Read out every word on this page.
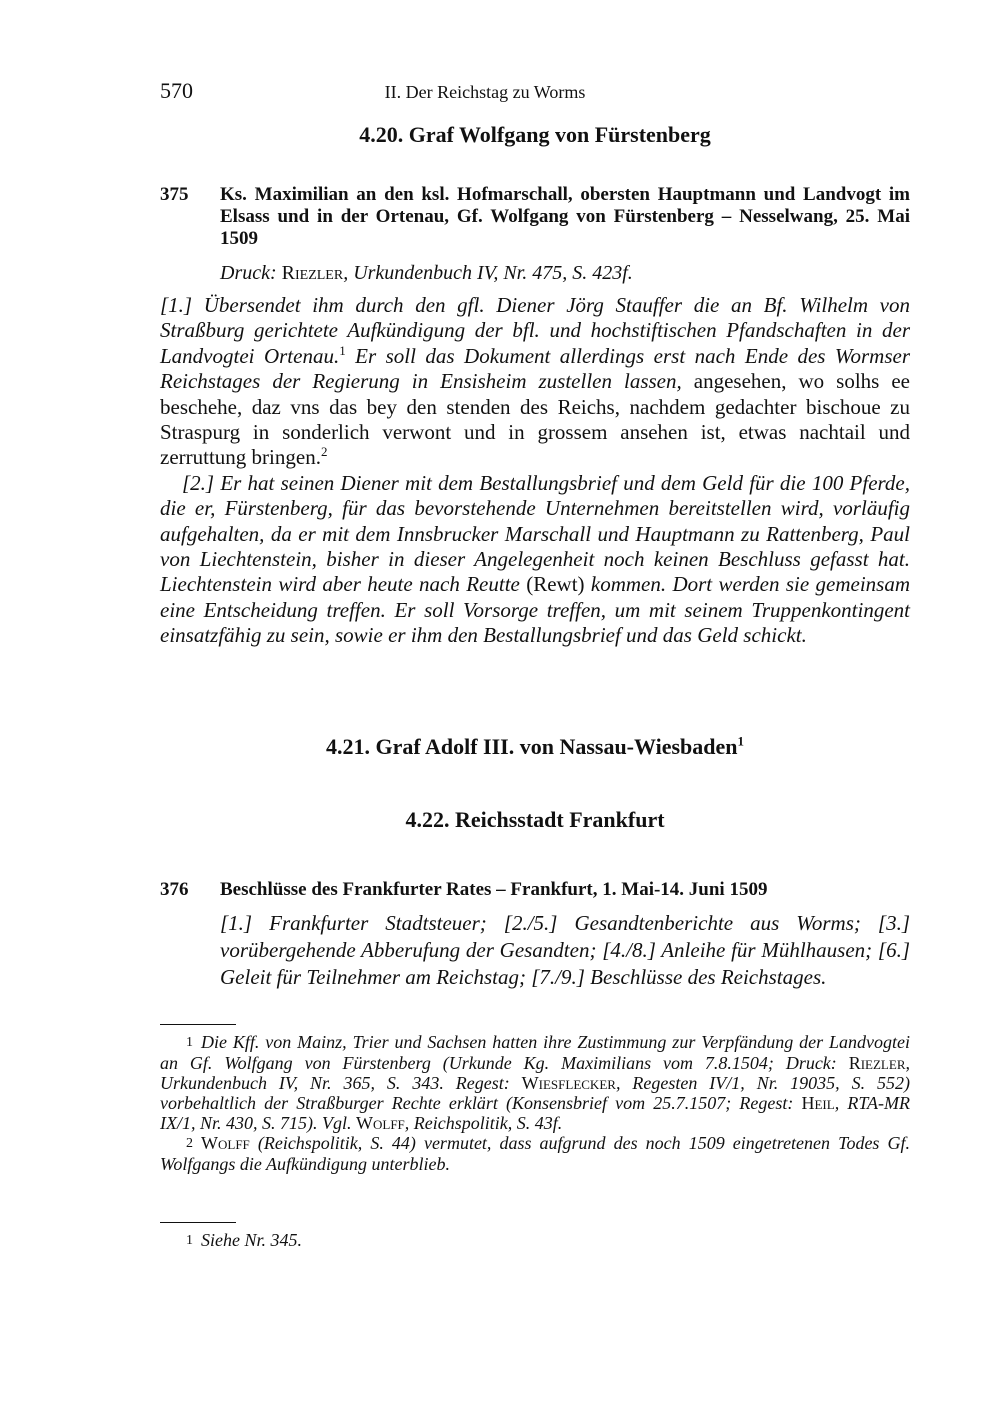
570	II. Der Reichstag zu Worms
4.20. Graf Wolfgang von Fürstenberg
375 Ks. Maximilian an den ksl. Hofmarschall, obersten Hauptmann und Landvogt im Elsass und in der Ortenau, Gf. Wolfgang von Fürstenberg – Nesselwang, 25. Mai 1509
Druck: Riezler, Urkundenbuch IV, Nr. 475, S. 423f.

[1.] Übersendet ihm durch den gfl. Diener Jörg Stauffer die an Bf. Wilhelm von Straßburg gerichtete Aufkündigung der bfl. und hochstiftischen Pfandschaften in der Landvogtei Ortenau.$^1$ Er soll das Dokument allerdings erst nach Ende des Wormser Reichstages der Regierung in Ensisheim zustellen lassen, angesehen, wo solhs ee beschehe, daz vns das bey den stenden des Reichs, nachdem gedachter bischoue zu Straspurg in sonderlich verwont und in grossem ansehen ist, etwas nachtail und zerruttung bringen.$^2$

[2.] Er hat seinen Diener mit dem Bestallungsbrief und dem Geld für die 100 Pferde, die er, Fürstenberg, für das bevorstehende Unternehmen bereitstellen wird, vorläufig aufgehalten, da er mit dem Innsbrucker Marschall und Hauptmann zu Rattenberg, Paul von Liechtenstein, bisher in dieser Angelegenheit noch keinen Beschluss gefasst hat. Liechtenstein wird aber heute nach Reutte (Rewt) kommen. Dort werden sie gemeinsam eine Entscheidung treffen. Er soll Vorsorge treffen, um mit seinem Truppenkontingent einsatzfähig zu sein, sowie er ihm den Bestallungsbrief und das Geld schickt.

4.21. Graf Adolf III. von Nassau-Wiesbaden$^1$
4.22. Reichsstadt Frankfurt
376 Beschlüsse des Frankfurter Rates – Frankfurt, 1. Mai-14. Juni 1509
[1.] Frankfurter Stadtsteuer; [2./5.] Gesandtenberichte aus Worms; [3.] vorübergehende Abberufung der Gesandten; [4./8.] Anleihe für Mühlhausen; [6.] Geleit für Teilnehmer am Reichstag; [7./9.] Beschlüsse des Reichstages.

1 Die Kff. von Mainz, Trier und Sachsen hatten ihre Zustimmung zur Verpfändung der Landvogtei an Gf. Wolfgang von Fürstenberg (Urkunde Kg. Maximilians vom 7.8.1504; Druck: Riezler, Urkundenbuch IV, Nr. 365, S. 343. Regest: Wiesflecker, Regesten IV/1, Nr. 19035, S. 552) vorbehaltlich der Straßburger Rechte erklärt (Konsensbrief vom 25.7.1507; Regest: Heil, RTA-MR IX/1, Nr. 430, S. 715). Vgl. Wolff, Reichspolitik, S. 43f.

2 Wolff (Reichspolitik, S. 44) vermutet, dass aufgrund des noch 1509 eingetretenen Todes Gf. Wolfgangs die Aufkündigung unterblieb.

1 Siehe Nr. 345.
